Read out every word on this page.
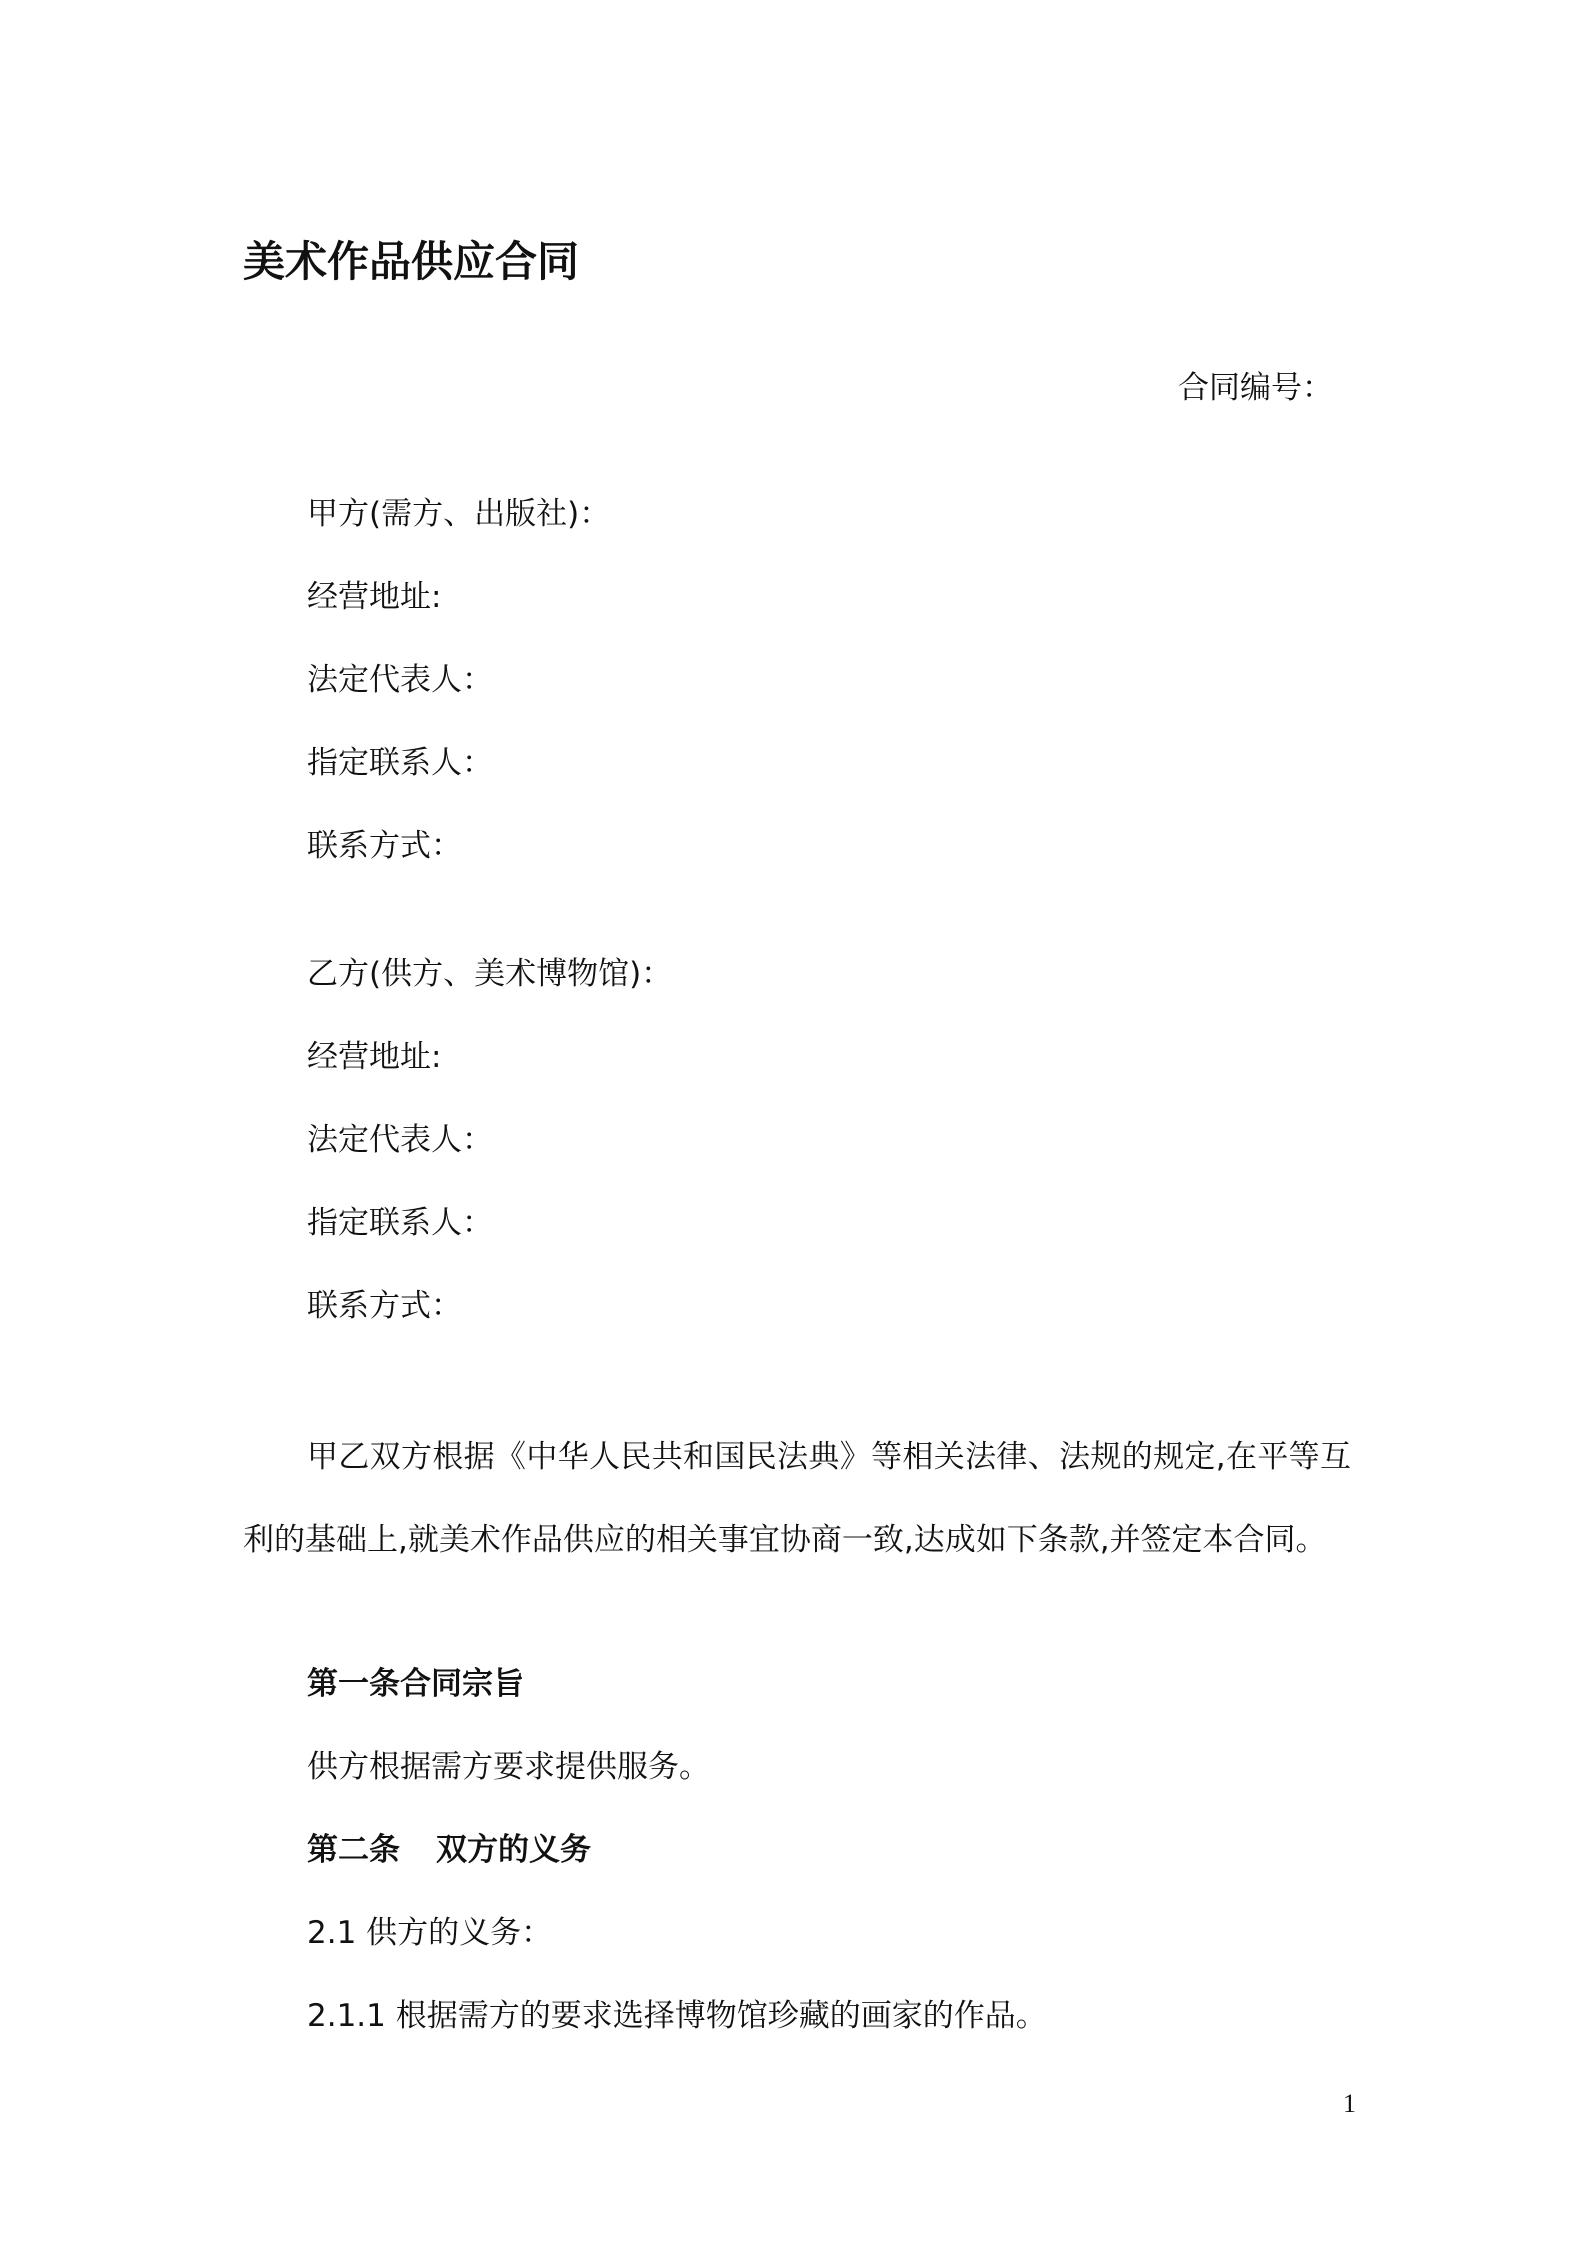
美术作品供应合同
合同编号：
甲方(需方、出版社)：
经营地址:
法定代表人：
指定联系人：
联系方式：
乙方(供方、美术博物馆)：
经营地址:
法定代表人：
指定联系人：
联系方式：
甲乙双方根据《中华人民共和国民法典》等相关法律、法规的规定,在平等互利的基础上,就美术作品供应的相关事宜协商一致,达成如下条款,并签定本合同。
第一条合同宗旨
供方根据需方要求提供服务。
第二条 双方的义务
2.1 供方的义务：
2.1.1 根据需方的要求选择博物馆珍藏的画家的作品。
1
